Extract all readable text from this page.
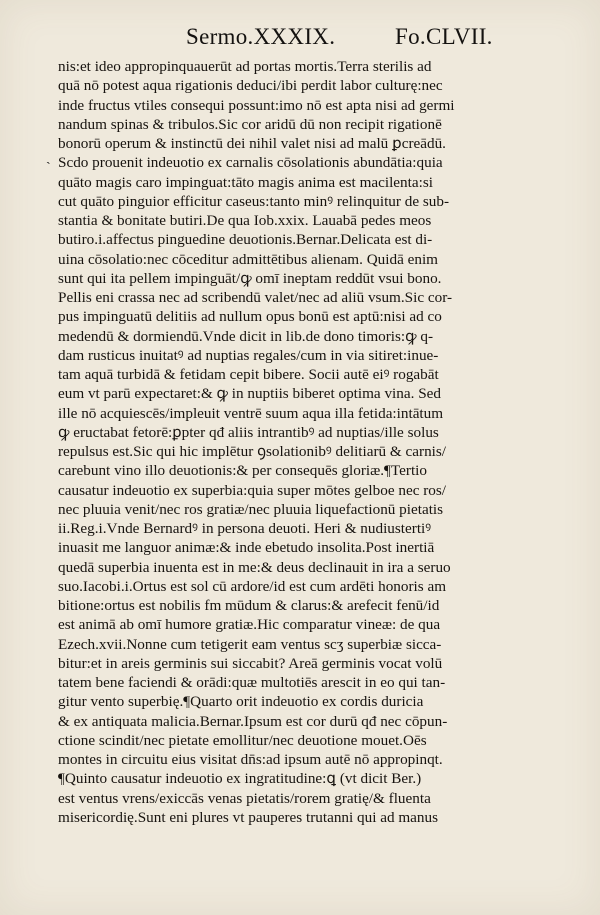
Sermo.XXXIX.	Fo.CLVII.
ˎ
nis:et ideo appropinquauerūt ad portas mortis.Terra sterilis ad
quā nō potest aqua rigationis deduci/ibi perdit labor culturę:nec
inde fructus vtiles consequi possunt:imo nō est apta nisi ad germi
nandum spinas & tribulos.Sic cor aridū dū non recipit rigationē
bonorū operum & instinctū dei nihil valet nisi ad malū ꝑcreādū.
Scdo prouenit indeuotio ex carnalis cōsolationis abundātia:quia
quāto magis caro impinguat:tāto magis anima est macilenta:si
cut quāto pinguior efficitur caseus:tanto minꝰ relinquitur de sub-
stantia & bonitate butiri.De qua Iob.xxix. Lauabā pedes meos
butiro.i.affectus pinguedine deuotionis.Bernar.Delicata est di-
uina cōsolatio:nec cōceditur admittētibus alienam. Quidā enim
sunt qui ita pellem impinguāt/ꝙ omī ineptam reddūt vsui bono.
Pellis eni crassa nec ad scribendū valet/nec ad aliū vsum.Sic cor-
pus impinguatū delitiis ad nullum opus bonū est aptū:nisi ad co
medendū & dormiendū.Vnde dicit in lib.de dono timoris:ꝙ q-
dam rusticus inuitatꝰ ad nuptias regales/cum in via sitiret:inue-
tam aquā turbidā & fetidam cepit bibere. Socii autē eiꝰ rogabāt
eum vt parū expectaret:& ꝙ in nuptiis biberet optima vina. Sed
ille nō acquiescēs/impleuit ventrē suum aqua illa fetida:intātum
ꝙ eructabat fetorē:ꝑpter qđ aliis intrantibꝰ ad nuptias/ille solus
repulsus est.Sic qui hic implētur ꝯsolationibꝰ delitiarū & carnis/
carebunt vino illo deuotionis:& per consequēs gloriæ.¶Tertio
causatur indeuotio ex superbia:quia super mōtes gelboe nec ros/
nec pluuia venit/nec ros gratiæ/nec pluuia liquefactionū pietatis
ii.Reg.i.Vnde Bernardꝰ in persona deuoti. Heri & nudiustertiꝰ
inuasit me languor animæ:& inde ebetudo insolita.Post inertiā
quedā superbia inuenta est in me:& deus declinauit in ira a seruo
suo.Iacobi.i.Ortus est sol cū ardore/id est cum ardēti honoris am
bitione:ortus est nobilis fm mūdum & clarus:& arefecit fenū/id
est animā ab omī humore gratiæ.Hic comparatur vineæ: de qua
Ezech.xvii.Nonne cum tetigerit eam ventus scʒ superbiæ sicca-
bitur:et in areis germinis sui siccabit? Areā germinis vocat volū
tatem bene faciendi & orādi:quæ multotiēs arescit in eo qui tan-
gitur vento superbię.¶Quarto orit indeuotio ex cordis duricia
& ex antiquata malicia.Bernar.Ipsum est cor durū qđ nec cōpun-
ctione scindit/nec pietate emollitur/nec deuotione mouet.Oēs
montes in circuitu eius visitat dn̄s:ad ipsum autē nō appropinqt.
¶Quinto causatur indeuotio ex ingratitudine:ꝗ (vt dicit Ber.)
est ventus vrens/exiccās venas pietatis/rorem gratię/& fluenta
misericordię.Sunt eni plures vt pauperes trutanni qui ad manus
